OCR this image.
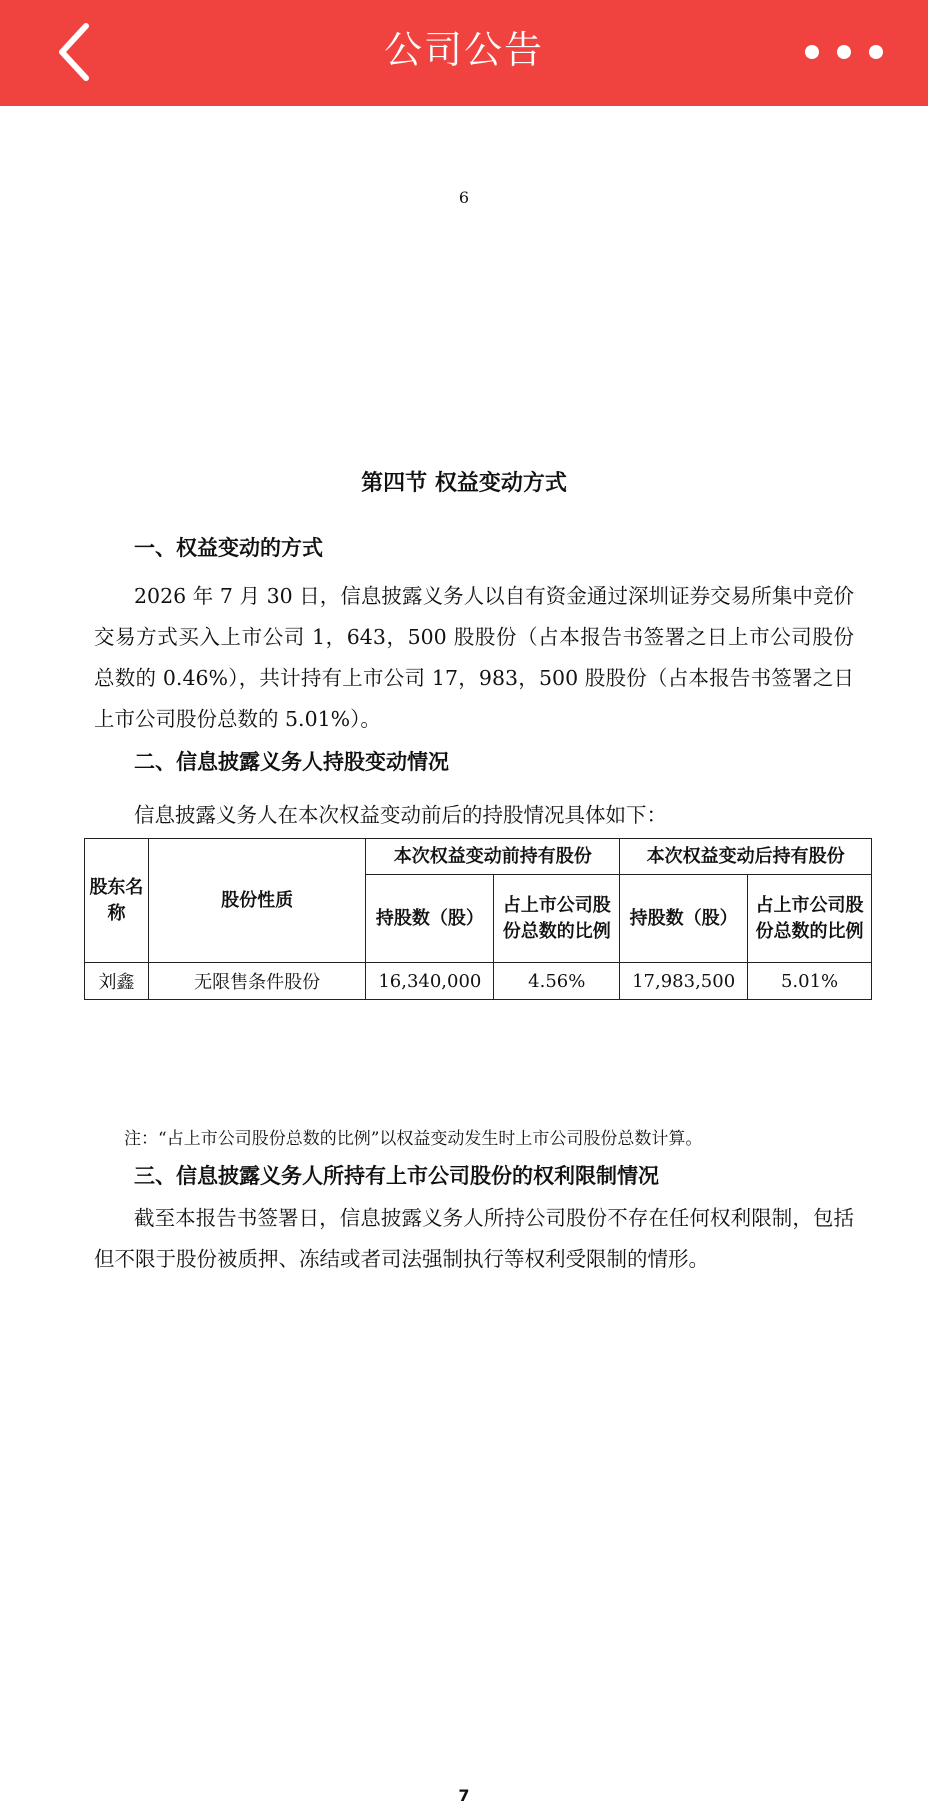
公司公告
6
第四节 权益变动方式
一、权益变动的方式

2026 年 7 月 30 日，信息披露义务人以自有资金通过深圳证券交易所集中竞价交易方式买入上市公司 1，643，500 股股份（占本报告书签署之日上市公司股份总数的 0.46%），共计持有上市公司 17，983，500 股股份（占本报告书签署之日上市公司股份总数的 5.01%）。

二、信息披露义务人持股变动情况
信息披露义务人在本次权益变动前后的持股情况具体如下：
股东名称	股份性质	本次权益变动前持有股份		本次权益变动后持有股份	
		持股数（股）	占上市公司股份总数的比例	持股数（股）	占上市公司股份总数的比例
刘鑫	无限售条件股份	16,340,000	4.56%	17,983,500	5.01%
注：“占上市公司股份总数的比例”以权益变动发生时上市公司股份总数计算。
三、信息披露义务人所持有上市公司股份的权利限制情况

截至本报告书签署日，信息披露义务人所持公司股份不存在任何权利限制，包括但不限于股份被质押、冻结或者司法强制执行等权利受限制的情形。

7
